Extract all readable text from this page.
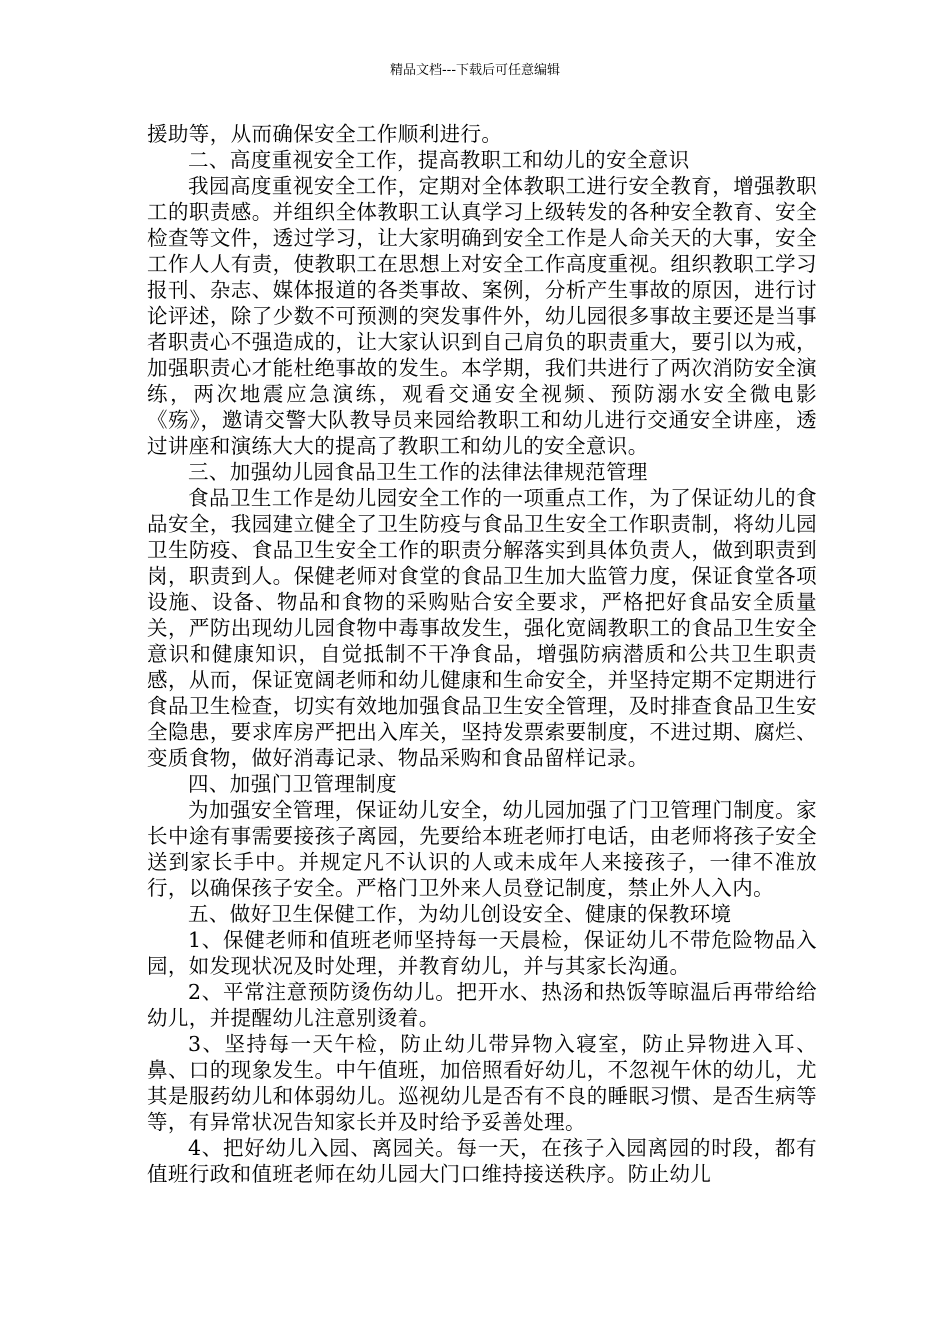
精品文档---下载后可任意编辑

援助等，从而确保安全工作顺利进行。

二、高度重视安全工作，提高教职工和幼儿的安全意识

我园高度重视安全工作，定期对全体教职工进行安全教育，增强教职工的职责感。并组织全体教职工认真学习上级转发的各种安全教育、安全检查等文件，透过学习，让大家明确到安全工作是人命关天的大事，安全工作人人有责，使教职工在思想上对安全工作高度重视。组织教职工学习报刊、杂志、媒体报道的各类事故、案例，分析产生事故的原因，进行讨论评述，除了少数不可预测的突发事件外，幼儿园很多事故主要还是当事者职责心不强造成的，让大家认识到自己肩负的职责重大，要引以为戒，加强职责心才能杜绝事故的发生。本学期，我们共进行了两次消防安全演练，两次地震应急演练，观看交通安全视频、预防溺水安全微电影《殇》，邀请交警大队教导员来园给教职工和幼儿进行交通安全讲座，透过讲座和演练大大的提高了教职工和幼儿的安全意识。

三、加强幼儿园食品卫生工作的法律法律规范管理

食品卫生工作是幼儿园安全工作的一项重点工作，为了保证幼儿的食品安全，我园建立健全了卫生防疫与食品卫生安全工作职责制，将幼儿园卫生防疫、食品卫生安全工作的职责分解落实到具体负责人，做到职责到岗，职责到人。保健老师对食堂的食品卫生加大监管力度，保证食堂各项设施、设备、物品和食物的采购贴合安全要求，严格把好食品安全质量关，严防出现幼儿园食物中毒事故发生，强化宽阔教职工的食品卫生安全意识和健康知识，自觉抵制不干净食品，增强防病潜质和公共卫生职责感，从而，保证宽阔老师和幼儿健康和生命安全，并坚持定期不定期进行食品卫生检查，切实有效地加强食品卫生安全管理，及时排查食品卫生安全隐患，要求库房严把出入库关，坚持发票索要制度，不进过期、腐烂、变质食物，做好消毒记录、物品采购和食品留样记录。

四、加强门卫管理制度

为加强安全管理，保证幼儿安全，幼儿园加强了门卫管理门制度。家长中途有事需要接孩子离园，先要给本班老师打电话，由老师将孩子安全送到家长手中。并规定凡不认识的人或未成年人来接孩子，一律不准放行，以确保孩子安全。严格门卫外来人员登记制度，禁止外人入内。

五、做好卫生保健工作，为幼儿创设安全、健康的保教环境

1、保健老师和值班老师坚持每一天晨检，保证幼儿不带危险物品入园，如发现状况及时处理，并教育幼儿，并与其家长沟通。

2、平常注意预防烫伤幼儿。把开水、热汤和热饭等晾温后再带给给幼儿，并提醒幼儿注意别烫着。

3、坚持每一天午检，防止幼儿带异物入寝室，防止异物进入耳、鼻、口的现象发生。中午值班，加倍照看好幼儿，不忽视午休的幼儿，尤其是服药幼儿和体弱幼儿。巡视幼儿是否有不良的睡眠习惯、是否生病等等，有异常状况告知家长并及时给予妥善处理。

4、把好幼儿入园、离园关。每一天，在孩子入园离园的时段，都有值班行政和值班老师在幼儿园大门口维持接送秩序。防止幼儿
